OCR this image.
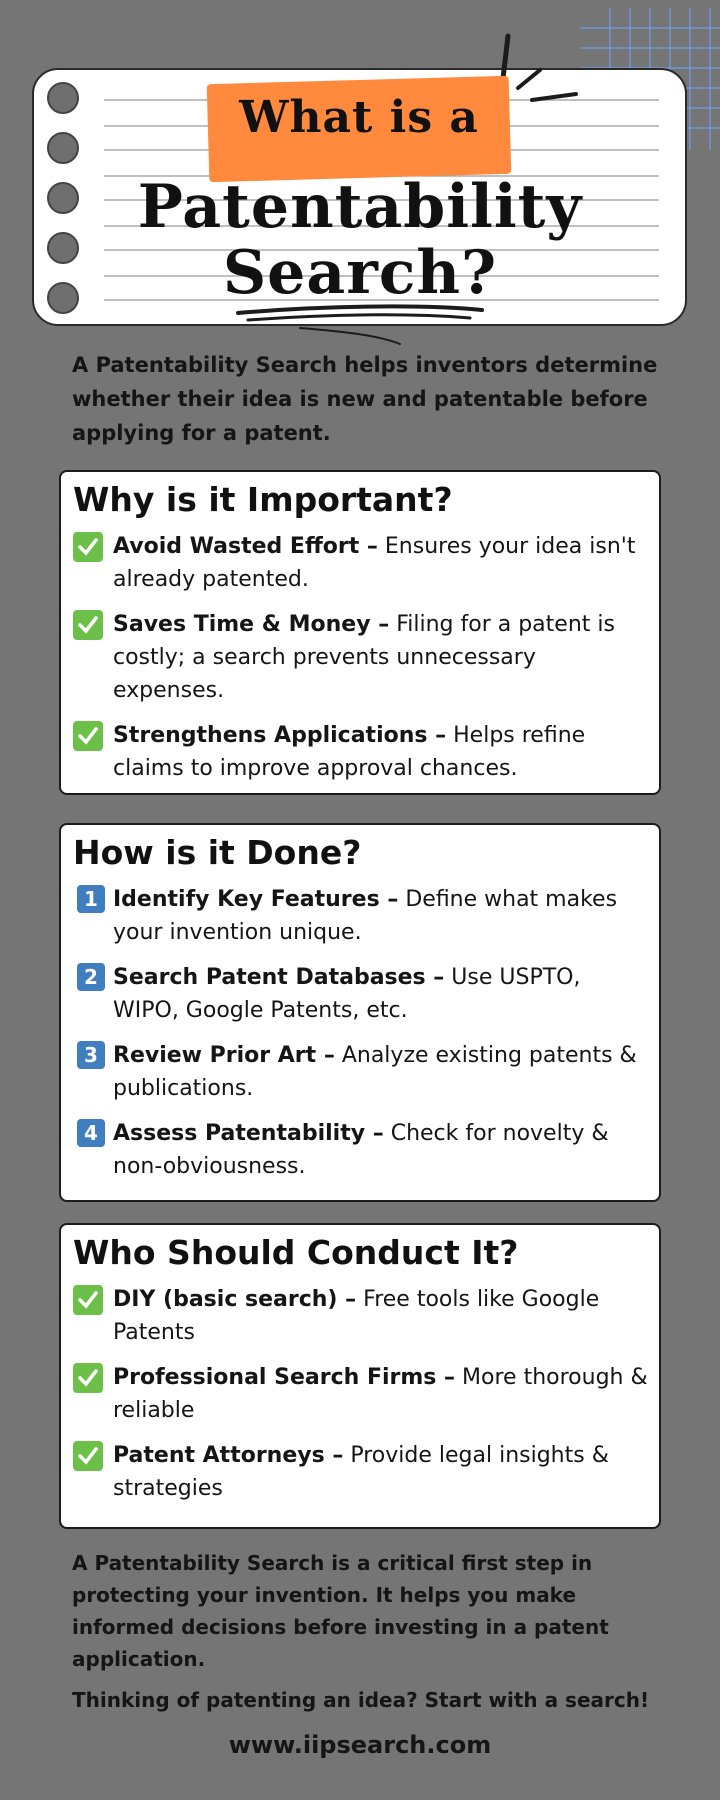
What is a
Patentability
Search?
A Patentability Search helps inventors determine whether their idea is new and patentable before applying for a patent.
Why is it Important?
Avoid Wasted Effort – Ensures your idea isn't already patented.
Saves Time & Money – Filing for a patent is costly; a search prevents unnecessary expenses.
Strengthens Applications – Helps refine claims to improve approval chances.
How is it Done?
1 Identify Key Features – Define what makes your invention unique.
2 Search Patent Databases – Use USPTO, WIPO, Google Patents, etc.
3 Review Prior Art – Analyze existing patents & publications.
4 Assess Patentability – Check for novelty & non-obviousness.
Who Should Conduct It?
DIY (basic search) – Free tools like Google Patents
Professional Search Firms – More thorough & reliable
Patent Attorneys – Provide legal insights & strategies
A Patentability Search is a critical first step in protecting your invention. It helps you make informed decisions before investing in a patent application.
Thinking of patenting an idea? Start with a search!
www.iipsearch.com
